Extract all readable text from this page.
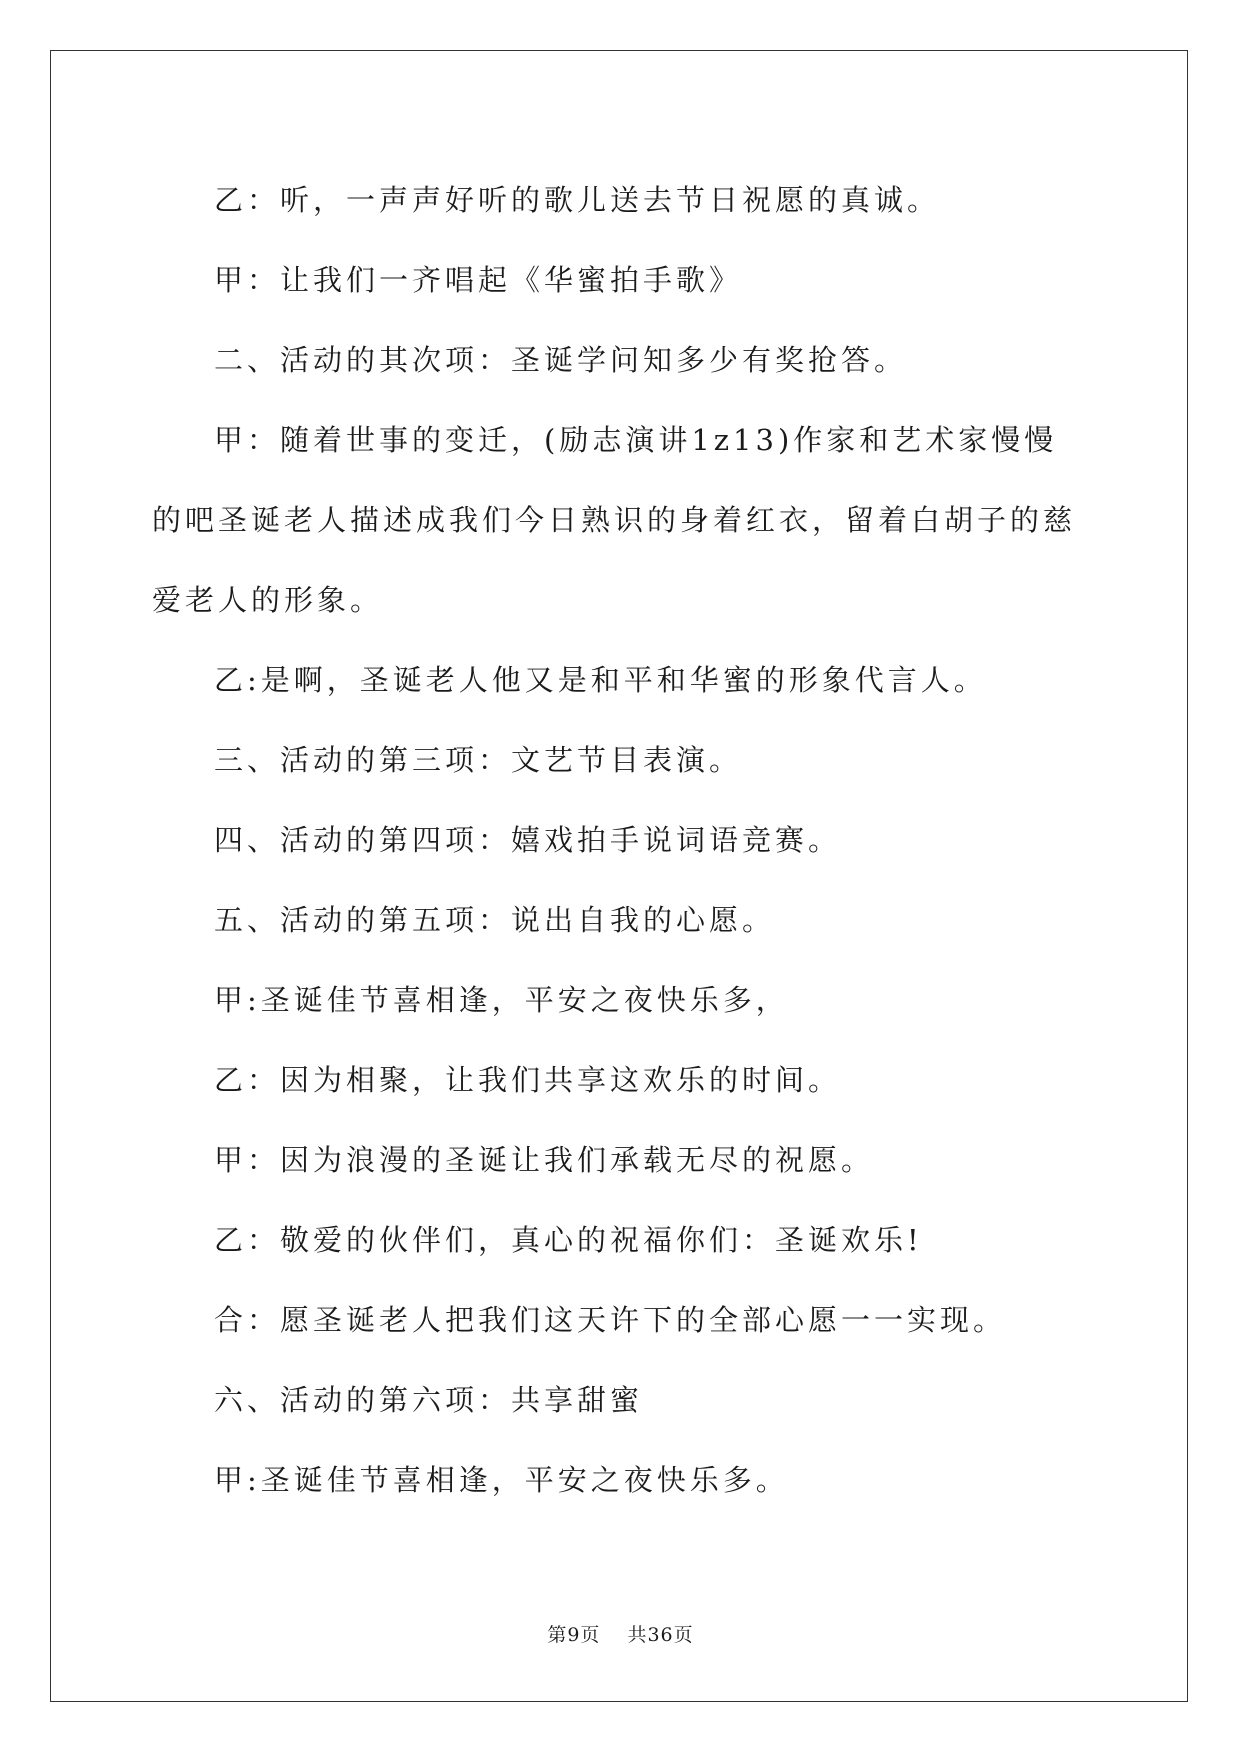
乙：听，一声声好听的歌儿送去节日祝愿的真诚。

甲：让我们一齐唱起《华蜜拍手歌》

二、活动的其次项：圣诞学问知多少有奖抢答。

甲：随着世事的变迁，(励志演讲1z13)作家和艺术家慢慢的吧圣诞老人描述成我们今日熟识的身着红衣，留着白胡子的慈爱老人的形象。

乙:是啊，圣诞老人他又是和平和华蜜的形象代言人。

三、活动的第三项：文艺节目表演。

四、活动的第四项：嬉戏拍手说词语竞赛。

五、活动的第五项：说出自我的心愿。

甲:圣诞佳节喜相逢，平安之夜快乐多，

乙：因为相聚，让我们共享这欢乐的时间。

甲：因为浪漫的圣诞让我们承载无尽的祝愿。

乙：敬爱的伙伴们，真心的祝福你们：圣诞欢乐!

合：愿圣诞老人把我们这天许下的全部心愿一一实现。

六、活动的第六项：共享甜蜜

甲:圣诞佳节喜相逢，平安之夜快乐多。

第9页 共36页
